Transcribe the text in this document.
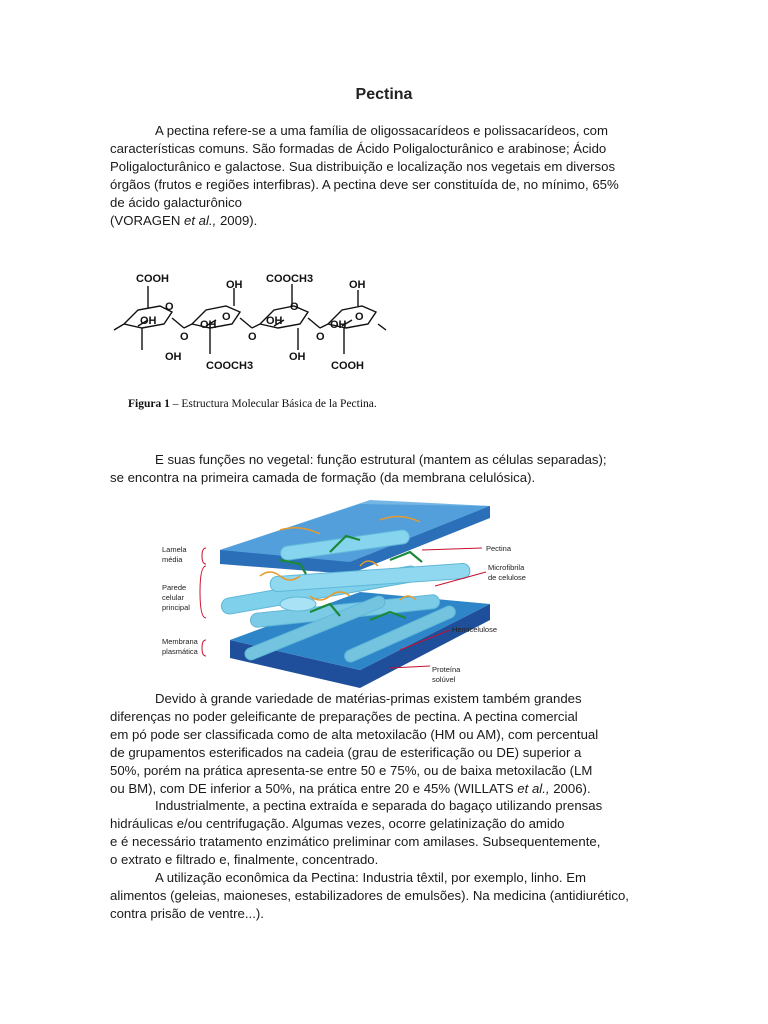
Pectina
A pectina refere-se a uma família de oligossacarídeos e polissacarídeos, com
características comuns. São formadas de Ácido Poligalocturânico e arabinose; Ácido
Poligalocturânico e galactose. Sua distribuição e localização nos vegetais em diversos
órgãos (frutos e regiões interfibras). A pectina deve ser constituída de, no mínimo, 65%
de ácido galacturônico
(VORAGEN et al., 2009).
COOH	OH COOCH3	OH
O
O
O
O
O	O	O
OH	OH	OH	OH
OH
COOCH3
OH
COOH
Figura 1 – Estructura Molecular Básica de la Pectina.
E suas funções no vegetal: função estrutural (mantem as células separadas);
se encontra na primeira camada de formação (da membrana celulósica).
Lamela
média
Parede
celular
principal
Membrana
plasmática
Pectina
Microfibrila
de celulose
Hemicelulose
Proteína
solúvel
Devido à grande variedade de matérias-primas existem também grandes
diferenças no poder geleificante de preparações de pectina. A pectina comercial
em pó pode ser classificada como de alta metoxilacão (HM ou AM), com percentual
de grupamentos esterificados na cadeia (grau de esterificação ou DE) superior a
50%, porém na prática apresenta-se entre 50 e 75%, ou de baixa metoxilacão (LM
ou BM), com DE inferior a 50%, na prática entre 20 e 45% (WILLATS et al., 2006).
Industrialmente, a pectina extraída e separada do bagaço utilizando prensas
hidráulicas e/ou centrifugação. Algumas vezes, ocorre gelatinização do amido
e é necessário tratamento enzimático preliminar com amilases. Subsequentemente,
o extrato e filtrado e, finalmente, concentrado.
A utilização econômica da Pectina: Industria têxtil, por exemplo, linho. Em
alimentos (geleias, maioneses, estabilizadores de emulsões). Na medicina (antidiurético,
contra prisão de ventre...).
